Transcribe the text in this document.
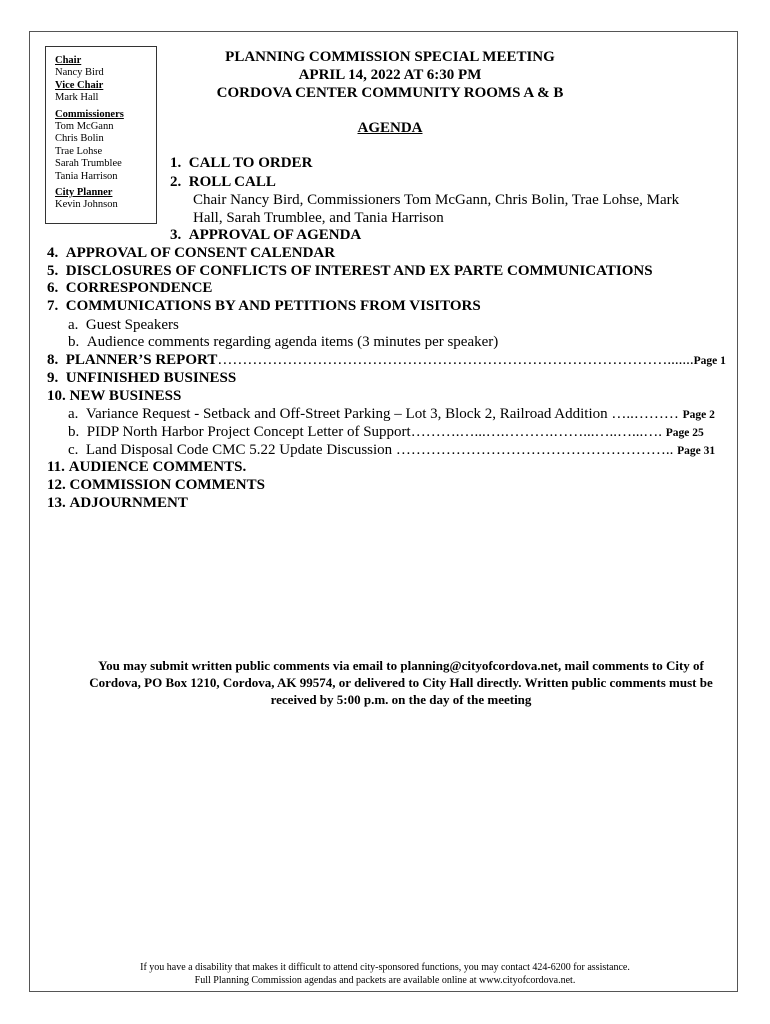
Chair
Nancy Bird
Vice Chair
Mark Hall
Commissioners
Tom McGann
Chris Bolin
Trae Lohse
Sarah Trumblee
Tania Harrison
City Planner
Kevin Johnson
PLANNING COMMISSION SPECIAL MEETING
APRIL 14, 2022 AT 6:30 PM
CORDOVA CENTER COMMUNITY ROOMS A & B
AGENDA
1. CALL TO ORDER
2. ROLL CALL
Chair Nancy Bird, Commissioners Tom McGann, Chris Bolin, Trae Lohse, Mark
Hall, Sarah Trumblee, and Tania Harrison
3. APPROVAL OF AGENDA
4. APPROVAL OF CONSENT CALENDAR
5. DISCLOSURES OF CONFLICTS OF INTEREST AND EX PARTE COMMUNICATIONS
6. CORRESPONDENCE
7. COMMUNICATIONS BY AND PETITIONS FROM VISITORS
a. Guest Speakers
b. Audience comments regarding agenda items (3 minutes per speaker)
8. PLANNER’S REPORT……………………………………………………………………………….......Page 1
9. UNFINISHED BUSINESS
10. NEW BUSINESS
a. Variance Request - Setback and Off-Street Parking – Lot 3, Block 2, Railroad Addition …..……… Page 2
b. PIDP North Harbor Project Concept Letter of Support……….…...….……….……...…..…...…. Page 25
c. Land Disposal Code CMC 5.22 Update Discussion ……………………………………………….. Page 31
11. AUDIENCE COMMENTS.
12. COMMISSION COMMENTS
13. ADJOURNMENT
You may submit written public comments via email to planning@cityofcordova.net, mail comments to City of
Cordova, PO Box 1210, Cordova, AK 99574, or delivered to City Hall directly. Written public comments must be
received by 5:00 p.m. on the day of the meeting
If you have a disability that makes it difficult to attend city-sponsored functions, you may contact 424-6200 for assistance.
Full Planning Commission agendas and packets are available online at www.cityofcordova.net.
